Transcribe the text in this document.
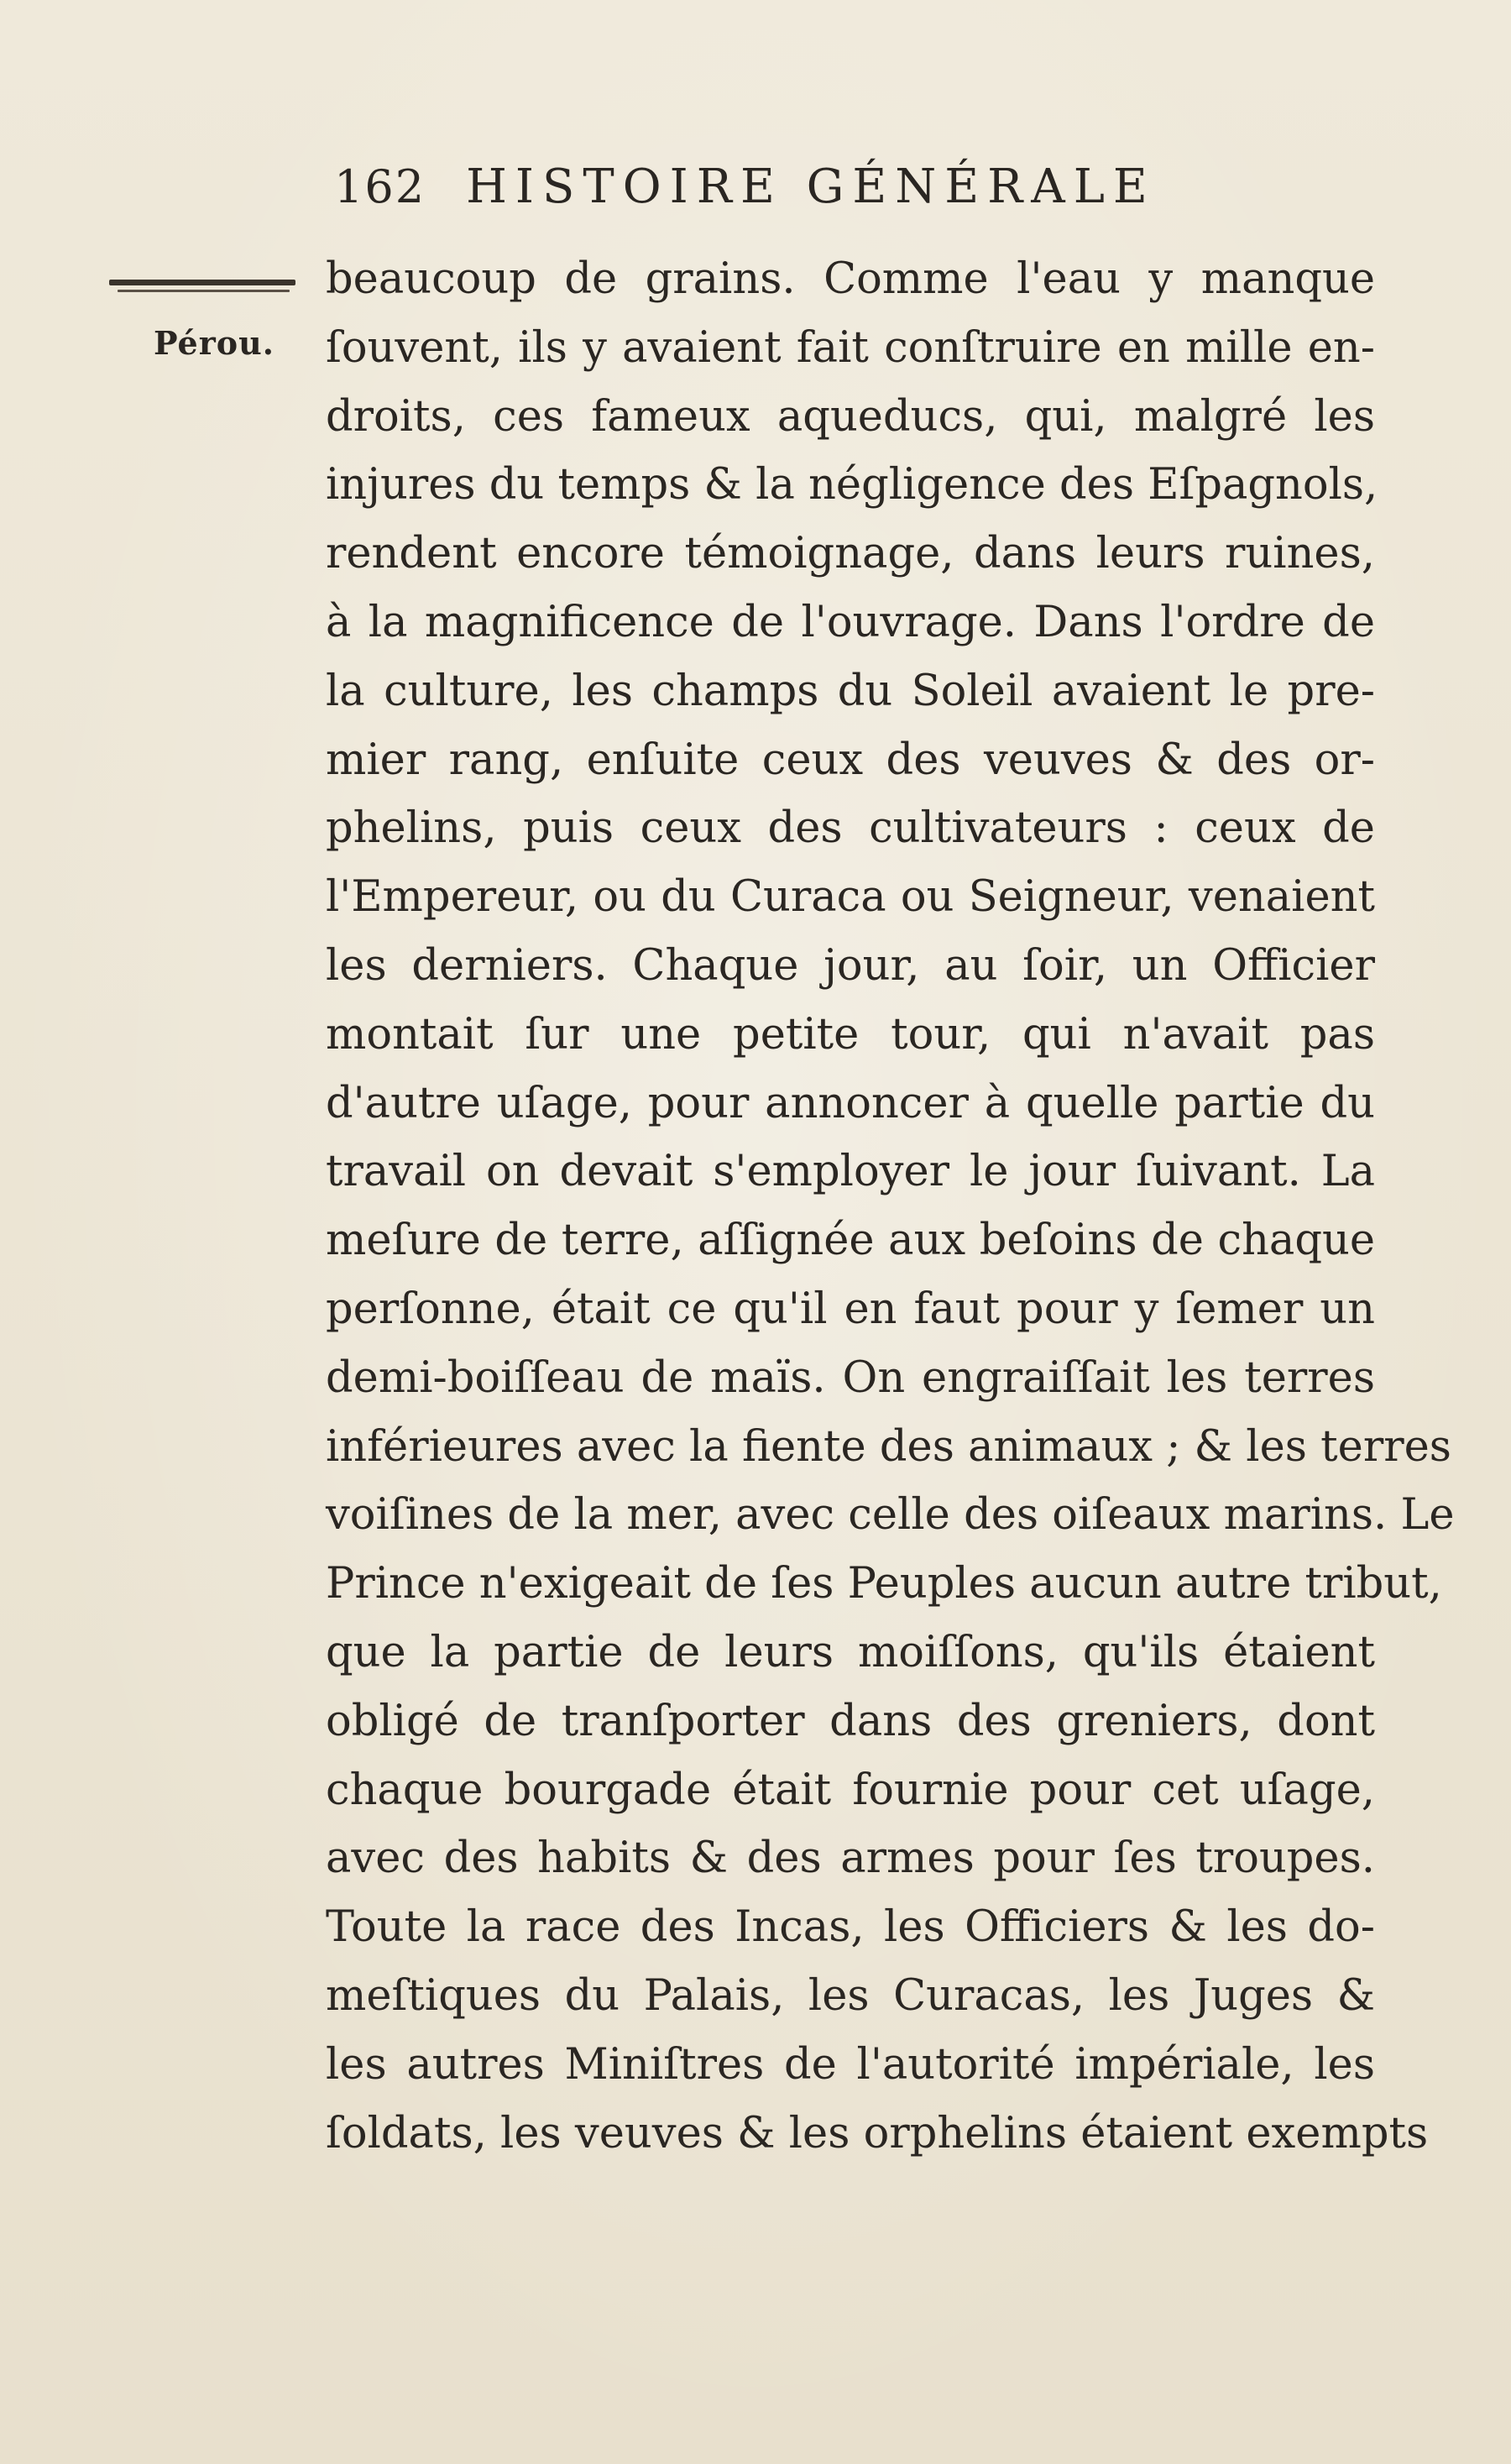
162 HISTOIRE GÉNÉRALE
Pérou.
beaucoup de grains. Comme l'eau y manque
ſouvent, ils y avaient fait conſtruire en mille en-
droits, ces fameux aqueducs, qui, malgré les
injures du temps & la négligence des Eſpagnols,
rendent encore témoignage, dans leurs ruines,
à la magnificence de l'ouvrage. Dans l'ordre de
la culture, les champs du Soleil avaient le pre-
mier rang, enſuite ceux des veuves & des or-
phelins, puis ceux des cultivateurs : ceux de
l'Empereur, ou du Curaca ou Seigneur, venaient
les derniers. Chaque jour, au ſoir, un Officier
montait ſur une petite tour, qui n'avait pas
d'autre uſage, pour annoncer à quelle partie du
travail on devait s'employer le jour ſuivant. La
meſure de terre, aſſignée aux beſoins de chaque
perſonne, était ce qu'il en faut pour y ſemer un
demi-boiſſeau de maïs. On engraiſſait les terres
inférieures avec la fiente des animaux ; & les terres
voiſines de la mer, avec celle des oiſeaux marins. Le
Prince n'exigeait de ſes Peuples aucun autre tribut,
que la partie de leurs moiſſons, qu'ils étaient
obligé de tranſporter dans des greniers, dont
chaque bourgade était fournie pour cet uſage,
avec des habits & des armes pour ſes troupes.
Toute la race des Incas, les Officiers & les do-
meſtiques du Palais, les Curacas, les Juges &
les autres Miniſtres de l'autorité impériale, les
ſoldats, les veuves & les orphelins étaient exempts
